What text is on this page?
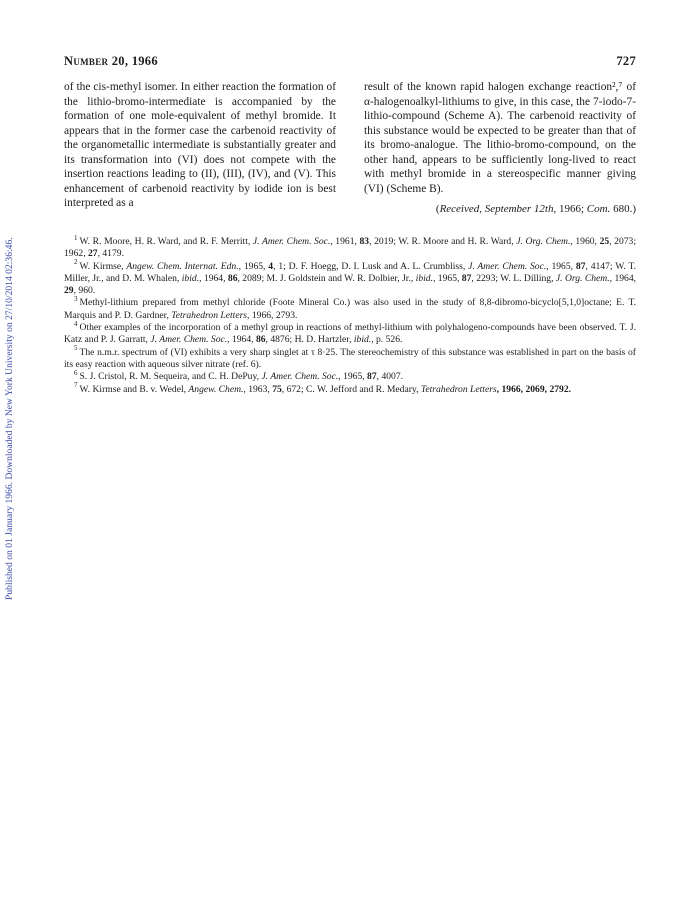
Published on 01 January 1966. Downloaded by New York University on 27/10/2014 02:36:46.
Number 20, 1966	727

of the cis-methyl isomer. In either reaction the formation of the lithio-bromo-intermediate is accompanied by the formation of one mole-equivalent of methyl bromide. It appears that in the former case the carbenoid reactivity of the organometallic intermediate is substantially greater and its transformation into (VI) does not compete with the insertion reactions leading to (II), (III), (IV), and (V). This enhancement of carbenoid reactivity by iodide ion is best interpreted as a

result of the known rapid halogen exchange reaction²,⁷ of α-halogenoalkyl-lithiums to give, in this case, the 7-iodo-7-lithio-compound (Scheme A). The carbenoid reactivity of this substance would be expected to be greater than that of its bromo-analogue. The lithio-bromo-compound, on the other hand, appears to be sufficiently long-lived to react with methyl bromide in a stereospecific manner giving (VI) (Scheme B).

(Received, September 12th, 1966; Com. 680.)

$^1$ W. R. Moore, H. R. Ward, and R. F. Merritt, J. Amer. Chem. Soc., 1961, 83, 2019; W. R. Moore and H. R. Ward, J. Org. Chem., 1960, 25, 2073; 1962, 27, 4179.

$^2$ W. Kirmse, Angew. Chem. Internat. Edn., 1965, 4, 1; D. F. Hoegg, D. I. Lusk and A. L. Crumbliss, J. Amer. Chem. Soc., 1965, 87, 4147; W. T. Miller, Jr., and D. M. Whalen, ibid., 1964, 86, 2089; M. J. Goldstein and W. R. Dolbier, Jr., ibid., 1965, 87, 2293; W. L. Dilling, J. Org. Chem., 1964, 29, 960.

$^3$ Methyl-lithium prepared from methyl chloride (Foote Mineral Co.) was also used in the study of 8,8-dibromo-bicyclo[5,1,0]octane; E. T. Marquis and P. D. Gardner, Tetrahedron Letters, 1966, 2793.

$^4$ Other examples of the incorporation of a methyl group in reactions of methyl-lithium with polyhalogeno-compounds have been observed. T. J. Katz and P. J. Garratt, J. Amer. Chem. Soc., 1964, 86, 4876; H. D. Hartzler, ibid., p. 526.

$^5$ The n.m.r. spectrum of (VI) exhibits a very sharp singlet at τ 8·25. The stereochemistry of this substance was established in part on the basis of its easy reaction with aqueous silver nitrate (ref. 6).

$^6$ S. J. Cristol, R. M. Sequeira, and C. H. DePuy, J. Amer. Chem. Soc., 1965, 87, 4007.

$^7$ W. Kirmse and B. v. Wedel, Angew. Chem., 1963, 75, 672; C. W. Jefford and R. Medary, Tetrahedron Letters, 1966, 2069, 2792.
